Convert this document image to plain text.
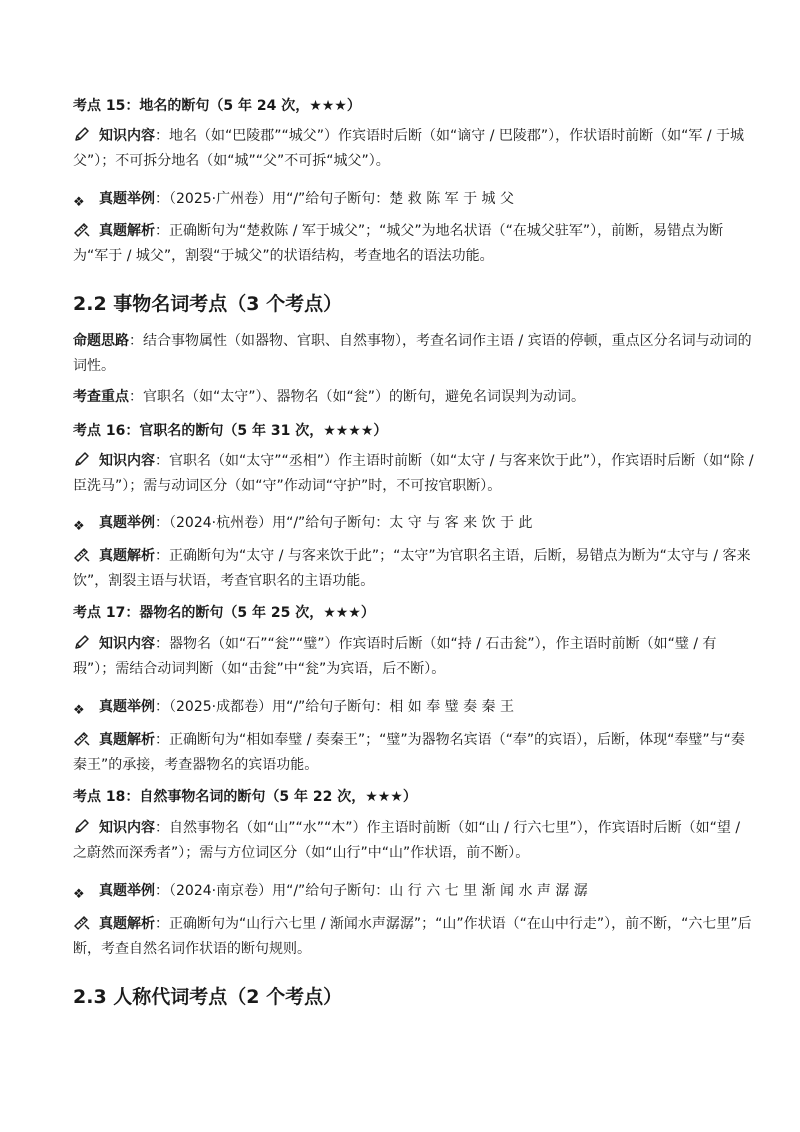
考点 15：地名的断句（5 年 24 次，★★★）

知识内容：地名（如“巴陵郡”“城父”）作宾语时后断（如“谪守 / 巴陵郡”），作状语时前断（如“军 / 于城父”）；不可拆分地名（如“城”“父”不可拆“城父”）。

❖ 真题举例：（2025·广州卷）用“/”给句子断句：楚 救 陈 军 于 城 父

真题解析：正确断句为“楚救陈 / 军于城父”；“城父”为地名状语（“在城父驻军”），前断，易错点为断为“军于 / 城父”，割裂“于城父”的状语结构，考查地名的语法功能。

2.2 事物名词考点（3 个考点）

命题思路：结合事物属性（如器物、官职、自然事物），考查名词作主语 / 宾语的停顿，重点区分名词与动词的词性。

考查重点：官职名（如“太守”）、器物名（如“瓮”）的断句，避免名词误判为动词。

考点 16：官职名的断句（5 年 31 次，★★★★）

知识内容：官职名（如“太守”“丞相”）作主语时前断（如“太守 / 与客来饮于此”），作宾语时后断（如“除 / 臣洗马”）；需与动词区分（如“守”作动词“守护”时，不可按官职断）。

❖ 真题举例：（2024·杭州卷）用“/”给句子断句：太 守 与 客 来 饮 于 此

真题解析：正确断句为“太守 / 与客来饮于此”；“太守”为官职名主语，后断，易错点为断为“太守与 / 客来饮”，割裂主语与状语，考查官职名的主语功能。

考点 17：器物名的断句（5 年 25 次，★★★）

知识内容：器物名（如“石”“瓮”“璧”）作宾语时后断（如“持 / 石击瓮”），作主语时前断（如“璧 / 有瑕”）；需结合动词判断（如“击瓮”中“瓮”为宾语，后不断）。

❖ 真题举例：（2025·成都卷）用“/”给句子断句：相 如 奉 璧 奏 秦 王

真题解析：正确断句为“相如奉璧 / 奏秦王”；“璧”为器物名宾语（“奉”的宾语），后断，体现“奉璧”与“奏秦王”的承接，考查器物名的宾语功能。

考点 18：自然事物名词的断句（5 年 22 次，★★★）

知识内容：自然事物名（如“山”“水”“木”）作主语时前断（如“山 / 行六七里”），作宾语时后断（如“望 / 之蔚然而深秀者”）；需与方位词区分（如“山行”中“山”作状语，前不断）。

❖ 真题举例：（2024·南京卷）用“/”给句子断句：山 行 六 七 里 渐 闻 水 声 潺 潺

真题解析：正确断句为“山行六七里 / 渐闻水声潺潺”；“山”作状语（“在山中行走”），前不断，“六七里”后断，考查自然名词作状语的断句规则。

2.3 人称代词考点（2 个考点）
